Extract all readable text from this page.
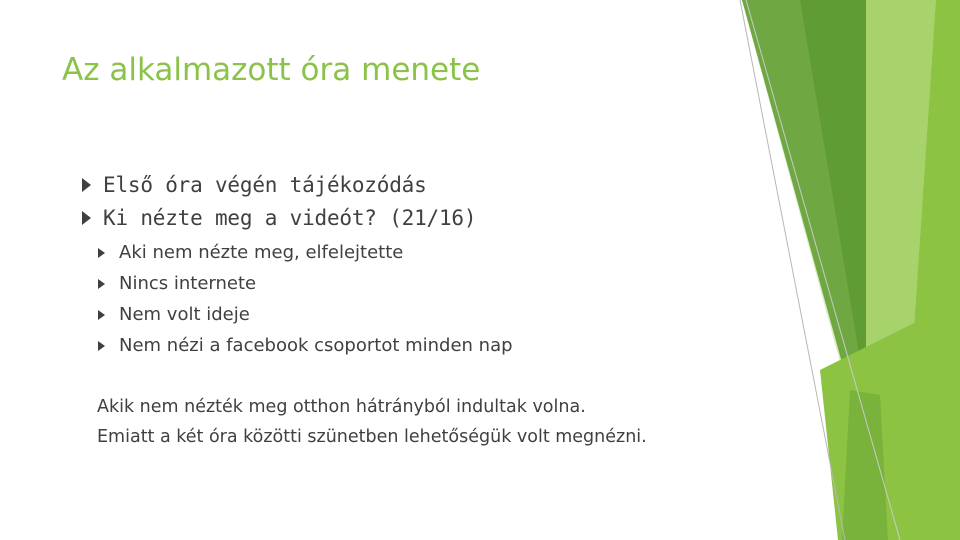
Az alkalmazott óra menete
Első óra végén tájékozódás
Ki nézte meg a videót? (21/16)
Aki nem nézte meg, elfelejtette
Nincs internete
Nem volt ideje
Nem nézi a facebook csoportot minden nap
Akik nem nézték meg otthon hátrányból indultak volna.
Emiatt a két óra közötti szünetben lehetőségük volt megnézni.
